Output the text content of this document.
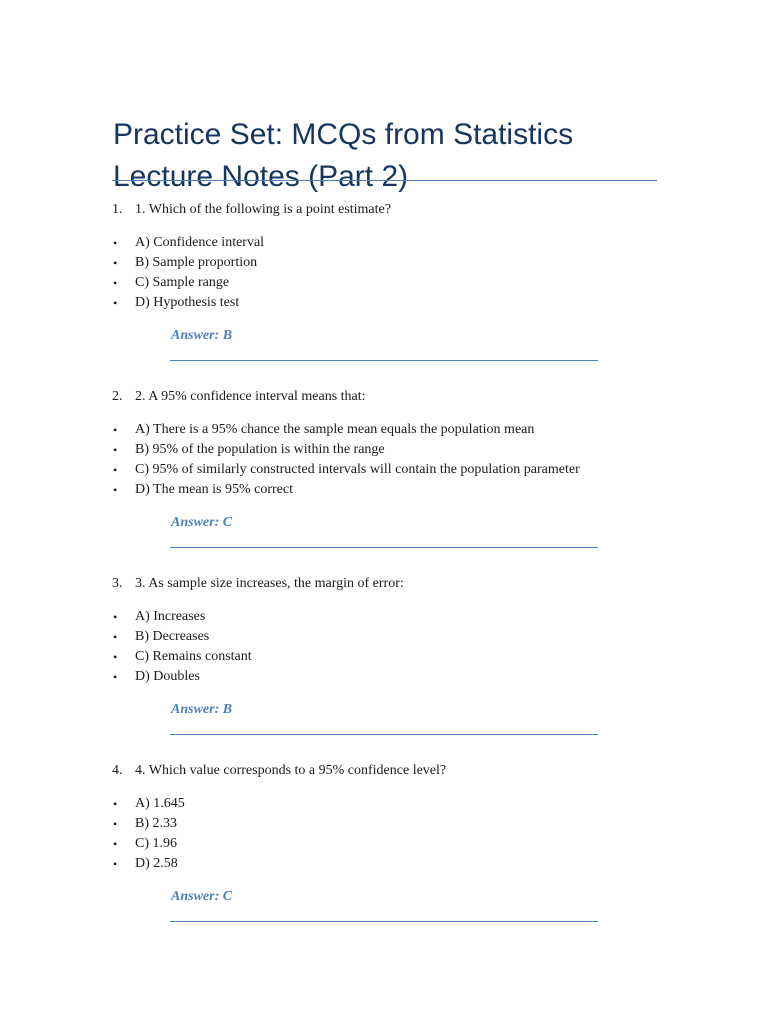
Practice Set: MCQs from Statistics Lecture Notes (Part 2)
1. 1. Which of the following is a point estimate?
• A) Confidence interval
• B) Sample proportion
• C) Sample range
• D) Hypothesis test
Answer: B
2. 2. A 95% confidence interval means that:
• A) There is a 95% chance the sample mean equals the population mean
• B) 95% of the population is within the range
• C) 95% of similarly constructed intervals will contain the population parameter
• D) The mean is 95% correct
Answer: C
3. 3. As sample size increases, the margin of error:
• A) Increases
• B) Decreases
• C) Remains constant
• D) Doubles
Answer: B
4. 4. Which value corresponds to a 95% confidence level?
• A) 1.645
• B) 2.33
• C) 1.96
• D) 2.58
Answer: C
